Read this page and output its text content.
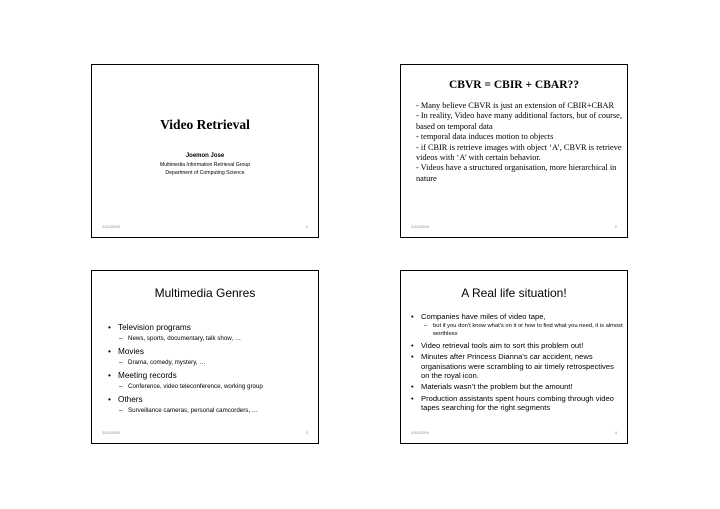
Video Retrieval
Joemon Jose
Multimedia Information Retrieval Group
Department of Computing Science
2/10/2009	1
CBVR = CBIR + CBAR??
- Many believe CBVR is just an extension of CBIR+CBAR
- In reality, Video have many additional factors, but of course, based on temporal data
- temporal data induces motion to objects
- if CBIR is retrieve images with object ‘A’, CBVR is retrieve videos with ‘A’ with certain behavior.
- Videos have a structured organisation, more hierarchical in nature
2/10/2009	2
Multimedia Genres
• Television programs
– News, sports, documentary, talk show, …
• Movies
– Drama, comedy, mystery, …
• Meeting records
– Conference, video teleconference, working group
• Others
– Surveillance cameras, personal camcorders, …
2/10/2009	3
A Real life situation!
• Companies have miles of video tape,
– but if you don’t know what’s on it or how to find what you need, it is almost worthless
• Video retrieval tools aim to sort this problem out!
• Minutes after Princess Dianna’s car accident, news organisations were scrambling to air timely retrospectives on the royal icon.
• Materials wasn’t the problem but the amount!
• Production assistants spent hours combing through video tapes searching for the right segments
2/10/2009	4
